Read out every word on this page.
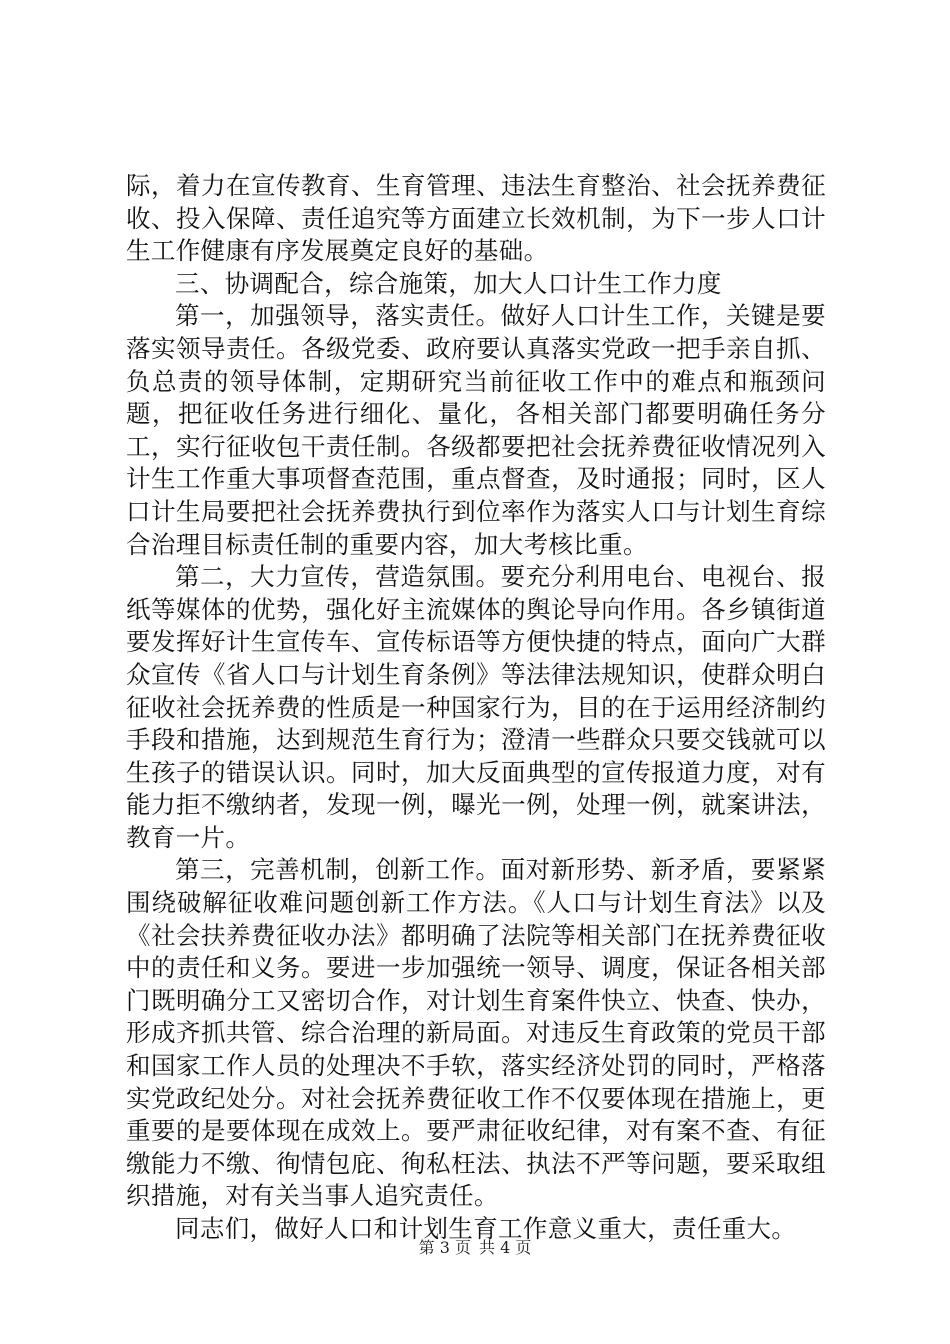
际，着力在宣传教育、生育管理、违法生育整治、社会抚养费征收、投入保障、责任追究等方面建立长效机制，为下一步人口计生工作健康有序发展奠定良好的基础。

三、协调配合，综合施策，加大人口计生工作力度

第一，加强领导，落实责任。做好人口计生工作，关键是要落实领导责任。各级党委、政府要认真落实党政一把手亲自抓、负总责的领导体制，定期研究当前征收工作中的难点和瓶颈问题，把征收任务进行细化、量化，各相关部门都要明确任务分工，实行征收包干责任制。各级都要把社会抚养费征收情况列入计生工作重大事项督查范围，重点督查，及时通报；同时，区人口计生局要把社会抚养费执行到位率作为落实人口与计划生育综合治理目标责任制的重要内容，加大考核比重。

第二，大力宣传，营造氛围。要充分利用电台、电视台、报纸等媒体的优势，强化好主流媒体的舆论导向作用。各乡镇街道要发挥好计生宣传车、宣传标语等方便快捷的特点，面向广大群众宣传《省人口与计划生育条例》等法律法规知识，使群众明白征收社会抚养费的性质是一种国家行为，目的在于运用经济制约手段和措施，达到规范生育行为；澄清一些群众只要交钱就可以生孩子的错误认识。同时，加大反面典型的宣传报道力度，对有能力拒不缴纳者，发现一例，曝光一例，处理一例，就案讲法，教育一片。

第三，完善机制，创新工作。面对新形势、新矛盾，要紧紧围绕破解征收难问题创新工作方法。《人口与计划生育法》以及《社会扶养费征收办法》都明确了法院等相关部门在抚养费征收中的责任和义务。要进一步加强统一领导、调度，保证各相关部门既明确分工又密切合作，对计划生育案件快立、快查、快办，形成齐抓共管、综合治理的新局面。对违反生育政策的党员干部和国家工作人员的处理决不手软，落实经济处罚的同时，严格落实党政纪处分。对社会抚养费征收工作不仅要体现在措施上，更重要的是要体现在成效上。要严肃征收纪律，对有案不查、有征缴能力不缴、徇情包庇、徇私枉法、执法不严等问题，要采取组织措施，对有关当事人追究责任。

同志们，做好人口和计划生育工作意义重大，责任重大。

第 3 页 共 4 页
